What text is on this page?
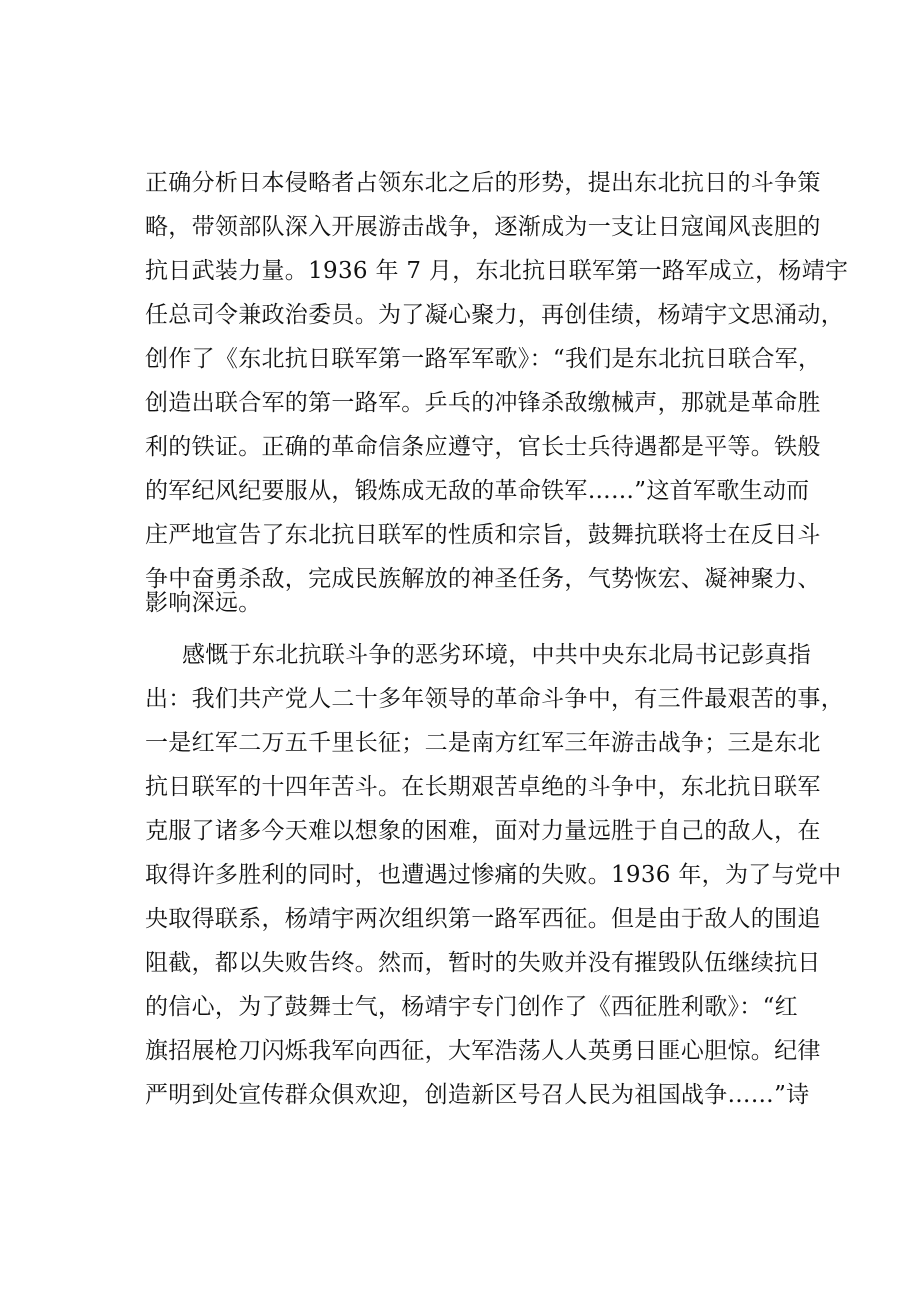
正确分析日本侵略者占领东北之后的形势，提出东北抗日的斗争策
略，带领部队深入开展游击战争，逐渐成为一支让日寇闻风丧胆的
抗日武装力量。1936 年 7 月，东北抗日联军第一路军成立，杨靖宇
任总司令兼政治委员。为了凝心聚力，再创佳绩，杨靖宇文思涌动，
创作了《东北抗日联军第一路军军歌》：“我们是东北抗日联合军，
创造出联合军的第一路军。乒乓的冲锋杀敌缴械声，那就是革命胜
利的铁证。正确的革命信条应遵守，官长士兵待遇都是平等。铁般
的军纪风纪要服从，锻炼成无敌的革命铁军……”这首军歌生动而
庄严地宣告了东北抗日联军的性质和宗旨，鼓舞抗联将士在反日斗
争中奋勇杀敌，完成民族解放的神圣任务，气势恢宏、凝神聚力、
影响深远。
感慨于东北抗联斗争的恶劣环境，中共中央东北局书记彭真指
出：我们共产党人二十多年领导的革命斗争中，有三件最艰苦的事，
一是红军二万五千里长征；二是南方红军三年游击战争；三是东北
抗日联军的十四年苦斗。在长期艰苦卓绝的斗争中，东北抗日联军
克服了诸多今天难以想象的困难，面对力量远胜于自己的敌人，在
取得许多胜利的同时，也遭遇过惨痛的失败。1936 年，为了与党中
央取得联系，杨靖宇两次组织第一路军西征。但是由于敌人的围追
阻截，都以失败告终。然而，暂时的失败并没有摧毁队伍继续抗日
的信心，为了鼓舞士气，杨靖宇专门创作了《西征胜利歌》：“红
旗招展枪刀闪烁我军向西征，大军浩荡人人英勇日匪心胆惊。纪律
严明到处宣传群众俱欢迎，创造新区号召人民为祖国战争……”诗
